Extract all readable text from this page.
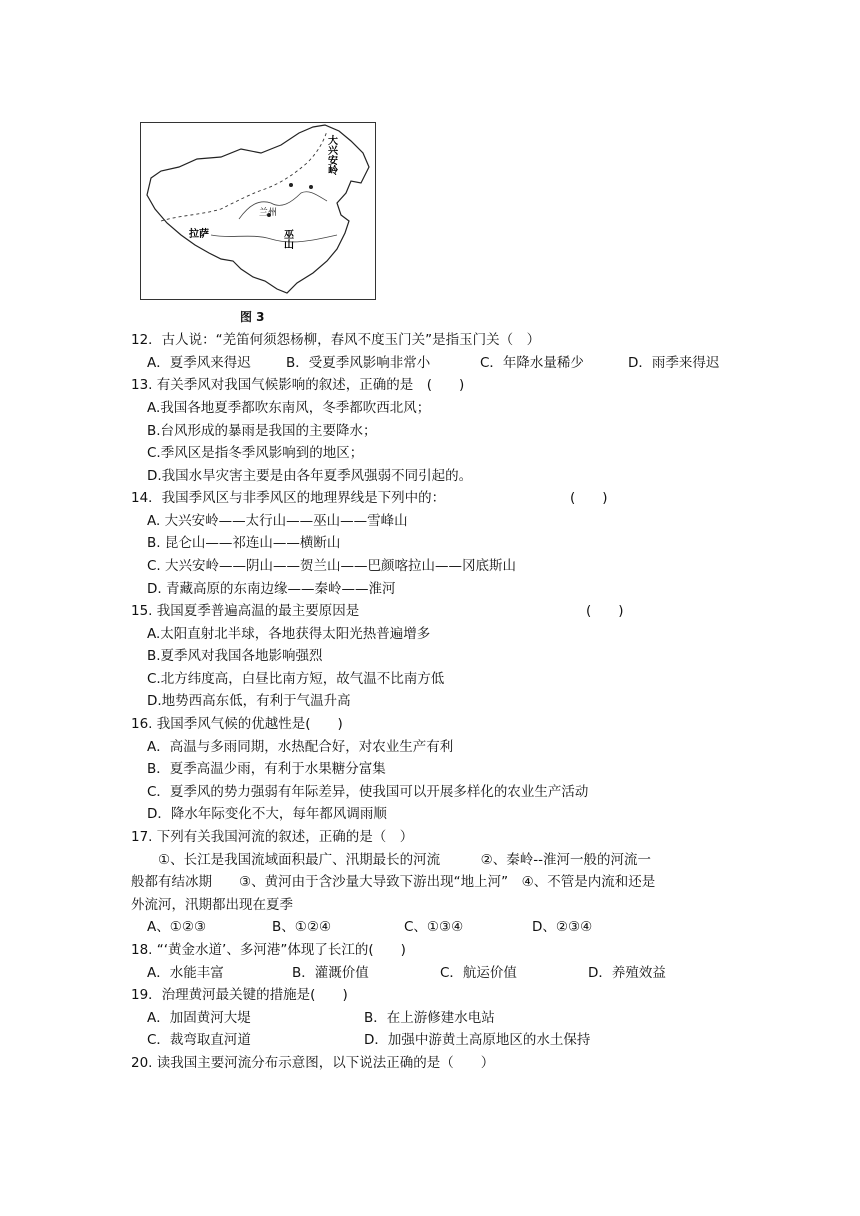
大兴安岭
兰州
巫山
拉萨
图 3
12．古人说：“羌笛何须怨杨柳，春风不度玉门关”是指玉门关（　）
A．夏季风来得迟	B．受夏季风影响非常小	C．年降水量稀少	D．雨季来得迟
13. 有关季风对我国气候影响的叙述，正确的是　(　　)
A.我国各地夏季都吹东南风，冬季都吹西北风；
B.台风形成的暴雨是我国的主要降水；
C.季风区是指冬季风影响到的地区；
D.我国水旱灾害主要是由各年夏季风强弱不同引起的。
14．我国季风区与非季风区的地理界线是下列中的：	(　　)
A. 大兴安岭——太行山——巫山——雪峰山
B. 昆仑山——祁连山——横断山
C. 大兴安岭——阴山——贺兰山——巴颜喀拉山——冈底斯山
D. 青藏高原的东南边缘——秦岭——淮河
15. 我国夏季普遍高温的最主要原因是	(　　)
A.太阳直射北半球，各地获得太阳光热普遍增多
B.夏季风对我国各地影响强烈
C.北方纬度高，白昼比南方短，故气温不比南方低
D.地势西高东低，有利于气温升高
16. 我国季风气候的优越性是(　　)
A．高温与多雨同期，水热配合好，对农业生产有利
B．夏季高温少雨，有利于水果糖分富集
C．夏季风的势力强弱有年际差异，使我国可以开展多样化的农业生产活动
D．降水年际变化不大，每年都风调雨顺
17. 下列有关我国河流的叙述，正确的是（　）
　　①、长江是我国流域面积最广、汛期最长的河流　　　②、秦岭--淮河一般的河流一
般都有结冰期　　③、黄河由于含沙量大导致下游出现“地上河”　④、不管是内流和还是
外流河，汛期都出现在夏季
A、①②③	B、①②④	C、①③④	D、②③④
18. “‘黄金水道’、多河港”体现了长江的(　　)
A．水能丰富	B．灌溉价值	C．航运价值	D．养殖效益
19．治理黄河最关键的措施是(　　)
A．加固黄河大堤	B．在上游修建水电站
C．裁弯取直河道	D．加强中游黄土高原地区的水土保持
20. 读我国主要河流分布示意图，以下说法正确的是（　　）
